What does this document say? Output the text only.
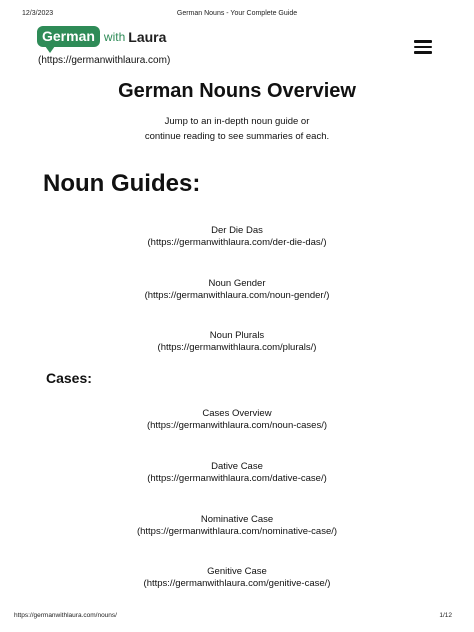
12/3/2023	German Nouns - Your Complete Guide
German with Laura
(https://germanwithlaura.com)
German Nouns Overview
Jump to an in-depth noun guide or
continue reading to see summaries of each.
Noun Guides:
Der Die Das
(https://germanwithlaura.com/der-die-das/)
Noun Gender
(https://germanwithlaura.com/noun-gender/)
Noun Plurals
(https://germanwithlaura.com/plurals/)
Cases:
Cases Overview
(https://germanwithlaura.com/noun-cases/)
Dative Case
(https://germanwithlaura.com/dative-case/)
Nominative Case
(https://germanwithlaura.com/nominative-case/)
Genitive Case
(https://germanwithlaura.com/genitive-case/)
https://germanwithlaura.com/nouns/	1/12
